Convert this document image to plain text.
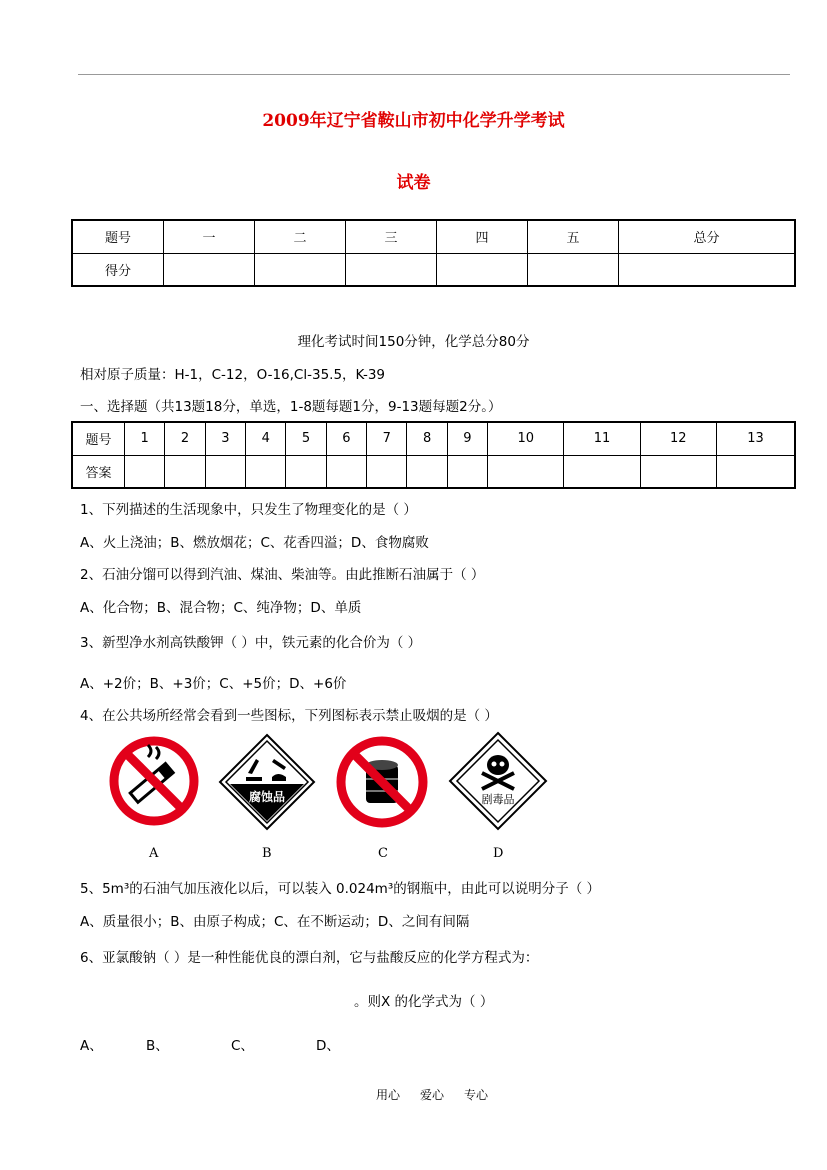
2009年辽宁省鞍山市初中化学升学考试
试卷
题号	一	二	三	四	五	总分
得分						
理化考试时间150分钟，化学总分80分
相对原子质量：H-1，C-12，O-16,Cl-35.5，K-39
一、选择题（共13题18分，单选，1-8题每题1分，9-13题每题2分。）
题号	1	2	3	4	5	6	7	8	9	10	11	12	13
答案													
1、下列描述的生活现象中，只发生了物理变化的是（ ）
A、火上浇油；B、燃放烟花；C、花香四溢；D、食物腐败
2、石油分馏可以得到汽油、煤油、柴油等。由此推断石油属于（ ）
A、化合物；B、混合物；C、纯净物；D、单质
3、新型净水剂高铁酸钾（ ）中，铁元素的化合价为（ ）
A、+2价；B、+3价；C、+5价；D、+6价
4、在公共场所经常会看到一些图标，下列图标表示禁止吸烟的是（ ）
腐蚀品	剧毒品
A	B	C	D
5、5m³的石油气加压液化以后，可以装入 0.024m³的钢瓶中，由此可以说明分子（ ）
A、质量很小；B、由原子构成；C、在不断运动；D、之间有间隔
6、亚氯酸钠（ ）是一种性能优良的漂白剂，它与盐酸反应的化学方程式为：
。则X 的化学式为（ ）
A、	B、	C、	D、
用心 爱心 专心
